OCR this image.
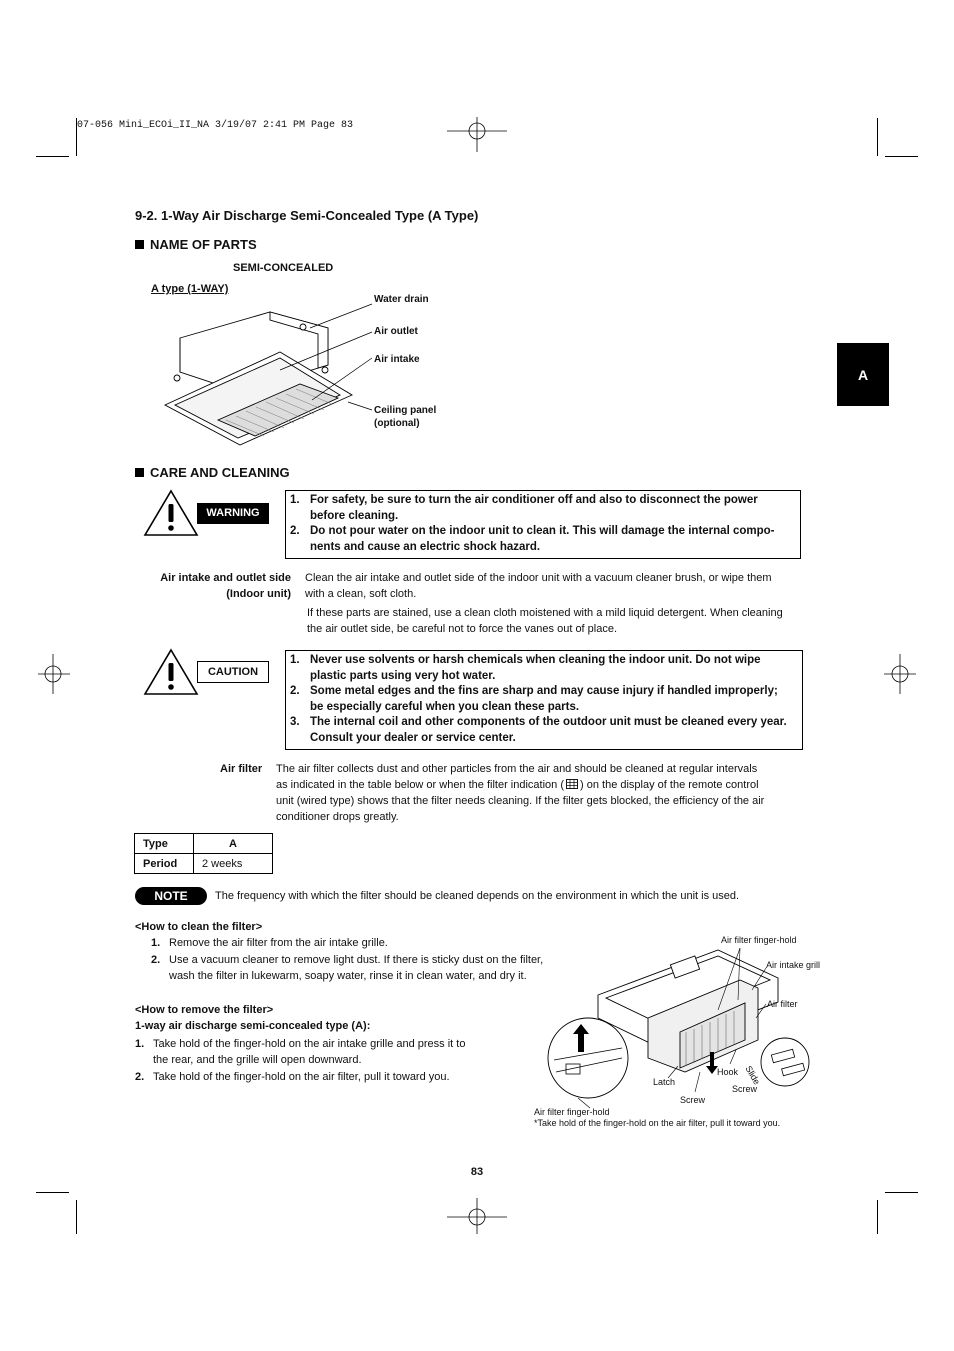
07-056 Mini_ECOi_II_NA 3/19/07 2:41 PM Page 83
A
9-2. 1-Way Air Discharge Semi-Concealed Type (A Type)
NAME OF PARTS
SEMI-CONCEALED
A type (1-WAY)
Water drain
Air outlet
Air intake
Ceiling panel
(optional)
CARE AND CLEANING
WARNING
1. For safety, be sure to turn the air conditioner off and also to disconnect the power
before cleaning.
2. Do not pour water on the indoor unit to clean it. This will damage the internal compo-
nents and cause an electric shock hazard.
Air intake and outlet side
(Indoor unit)
Clean the air intake and outlet side of the indoor unit with a vacuum cleaner brush, or wipe them
with a clean, soft cloth.
If these parts are stained, use a clean cloth moistened with a mild liquid detergent. When cleaning
the air outlet side, be careful not to force the vanes out of place.
CAUTION
1. Never use solvents or harsh chemicals when cleaning the indoor unit. Do not wipe
plastic parts using very hot water.
2. Some metal edges and the fins are sharp and may cause injury if handled improperly;
be especially careful when you clean these parts.
3. The internal coil and other components of the outdoor unit must be cleaned every year.
Consult your dealer or service center.
Air filter The air filter collects dust and other particles from the air and should be cleaned at regular intervals
as indicated in the table below or when the filter indication ( ) on the display of the remote control
unit (wired type) shows that the filter needs cleaning. If the filter gets blocked, the efficiency of the air
conditioner drops greatly.
Type	A
Period	2 weeks
NOTE	The frequency with which the filter should be cleaned depends on the environment in which the unit is used.
<How to clean the filter>
1. Remove the air filter from the air intake grille.
2. Use a vacuum cleaner to remove light dust. If there is sticky dust on the filter,
wash the filter in lukewarm, soapy water, rinse it in clean water, and dry it.
<How to remove the filter>
1-way air discharge semi-concealed type (A):
1. Take hold of the finger-hold on the air intake grille and press it to
the rear, and the grille will open downward.
2. Take hold of the finger-hold on the air filter, pull it toward you.
Air filter finger-hold
Air intake grill
Air filter
Hook
Latch
Screw
Screw
Slide
Air filter finger-hold
*Take hold of the finger-hold on the air filter, pull it toward you.
83
